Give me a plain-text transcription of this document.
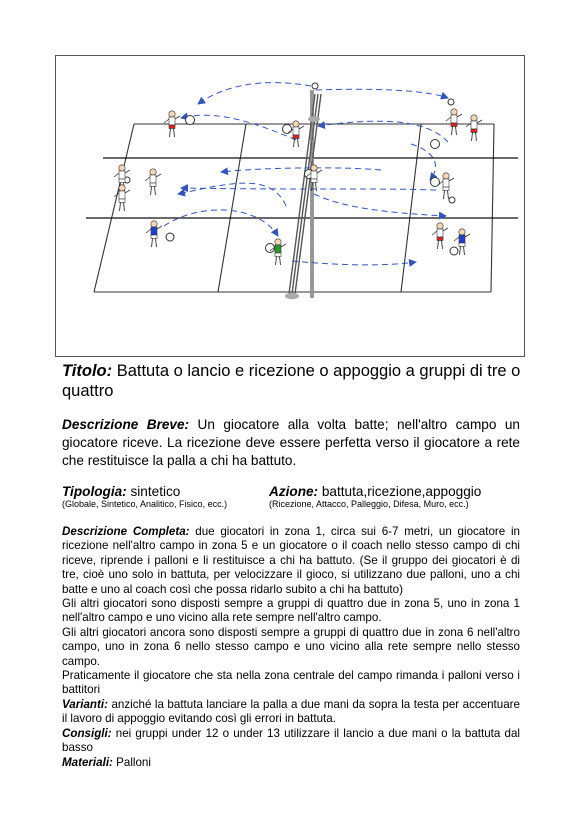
Titolo: Battuta o lancio e ricezione o appoggio a gruppi di tre o quattro
Descrizione Breve: Un giocatore alla volta batte; nell'altro campo un giocatore riceve. La ricezione deve essere perfetta verso il giocatore a rete che restituisce la palla a chi ha battuto.
Tipologia: sintetico
(Globale, Sintetico, Analitico, Fisico, ecc.)
Azione: battuta,ricezione,appoggio
(Ricezione, Attacco, Palleggio, Difesa, Muro, ecc.)

Descrizione Completa: due giocatori in zona 1, circa sui 6-7 metri, un giocatore in ricezione nell'altro campo in zona 5 e un giocatore o il coach nello stesso campo di chi riceve, riprende i palloni e li restituisce a chi ha battuto. (Se il gruppo dei giocatori è di tre, cioè uno solo in battuta, per velocizzare il gioco, si utilizzano due palloni, uno a chi batte e uno al coach così che possa ridarlo subito a chi ha battuto)

Gli altri giocatori sono disposti sempre a gruppi di quattro due in zona 5, uno in zona 1 nell'altro campo e uno vicino alla rete sempre nell'altro campo.

Gli altri giocatori ancora sono disposti sempre a gruppi di quattro due in zona 6 nell'altro campo, uno in zona 6 nello stesso campo e uno vicino alla rete sempre nello stesso campo.

Praticamente il giocatore che sta nella zona centrale del campo rimanda i palloni verso i battitori

Varianti: anziché la battuta lanciare la palla a due mani da sopra la testa per accentuare il lavoro di appoggio evitando così gli errori in battuta.

Consigli: nei gruppi under 12 o under 13 utilizzare il lancio a due mani o la battuta dal basso

Materiali: Palloni
